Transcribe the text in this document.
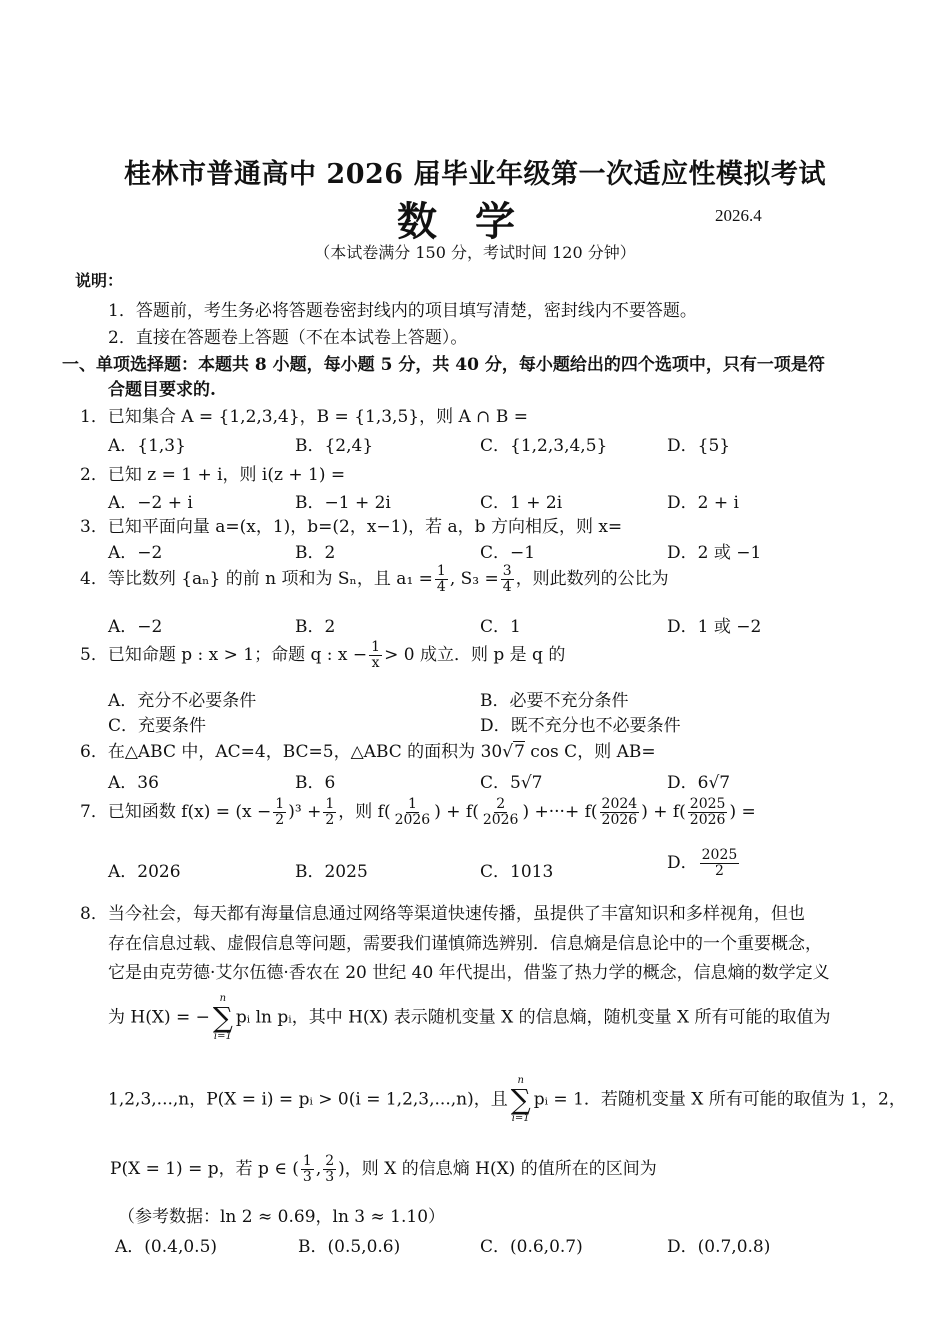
桂林市普通高中 2026 届毕业年级第一次适应性模拟考试
数学	2026.4
（本试卷满分 150 分，考试时间 120 分钟）
说明：
1．答题前，考生务必将答题卷密封线内的项目填写清楚，密封线内不要答题。
2．直接在答题卷上答题（不在本试卷上答题）。
一、单项选择题：本题共 8 小题，每小题 5 分，共 40 分，每小题给出的四个选项中，只有一项是符
合题目要求的.
1．已知集合 A = {1,2,3,4}，B = {1,3,5}，则 A ∩ B =
A．{1,3}	B．{2,4}	C．{1,2,3,4,5}	D．{5}
2．已知 z = 1 + i，则 i(z + 1) =
A．−2 + i	B．−1 + 2i	C．1 + 2i	D．2 + i
3．已知平面向量 a=(x，1)，b=(2，x−1)，若 a，b 方向相反，则 x=
A．−2	B．2	C．−1	D．2 或 −1
4．等比数列 {aₙ} 的前 n 项和为 Sₙ，且 $a_1 = \frac{1}{4}$ , $S_3 = \frac{3}{4}$ ，则此数列的公比为
A．−2	B．2	C．1	D．1 或 −2
5．已知命题 p : x > 1；命题 q : $x - \frac{1}{x} > 0$ 成立．则 p 是 q 的
A．充分不必要条件	B．必要不充分条件
C．充要条件	D．既不充分也不必要条件
6．在△ABC 中，AC=4，BC=5，△ABC 的面积为 30√7 cos C，则 AB=
A．36	B．6	C．5√7	D．6√7
7．已知函数 $f(x) = (x - \frac{1}{2} )^3 + \frac{1}{2}$ ，则 $f( \frac{1}{2026}$ ) + $f( \frac{2}{2026}$ ) +···+ $f( \frac{2024}{2026}$ ) + $f( \frac{2025}{2026}$ ) =
A．2026	B．2025	C．1013	D． $\frac{2025}{2}$
8．当今社会，每天都有海量信息通过网络等渠道快速传播，虽提供了丰富知识和多样视角，但也
存在信息过载、虚假信息等问题，需要我们谨慎筛选辨别．信息熵是信息论中的一个重要概念，
它是由克劳德·艾尔伍德·香农在 20 世纪 40 年代提出，借鉴了热力学的概念，信息熵的数学定义
为 H(X) = −
n
∑
i=1
pᵢ ln pᵢ，其中 H(X) 表示随机变量 X 的信息熵，随机变量 X 所有可能的取值为
1,2,3,...,n，P(X = i) = pᵢ > 0(i = 1,2,3,...,n)，且
n
∑
i=1
pᵢ = 1．若随机变量 X 所有可能的取值为 1，2，
P(X = 1) = p，若 p ∈ ( $\frac{1}{3}$ , $\frac{2}{3}$ )，则 X 的信息熵 H(X) 的值所在的区间为
（参考数据：ln 2 ≈ 0.69，ln 3 ≈ 1.10）
A．(0.4,0.5)	B．(0.5,0.6)	C．(0.6,0.7)	D．(0.7,0.8)
